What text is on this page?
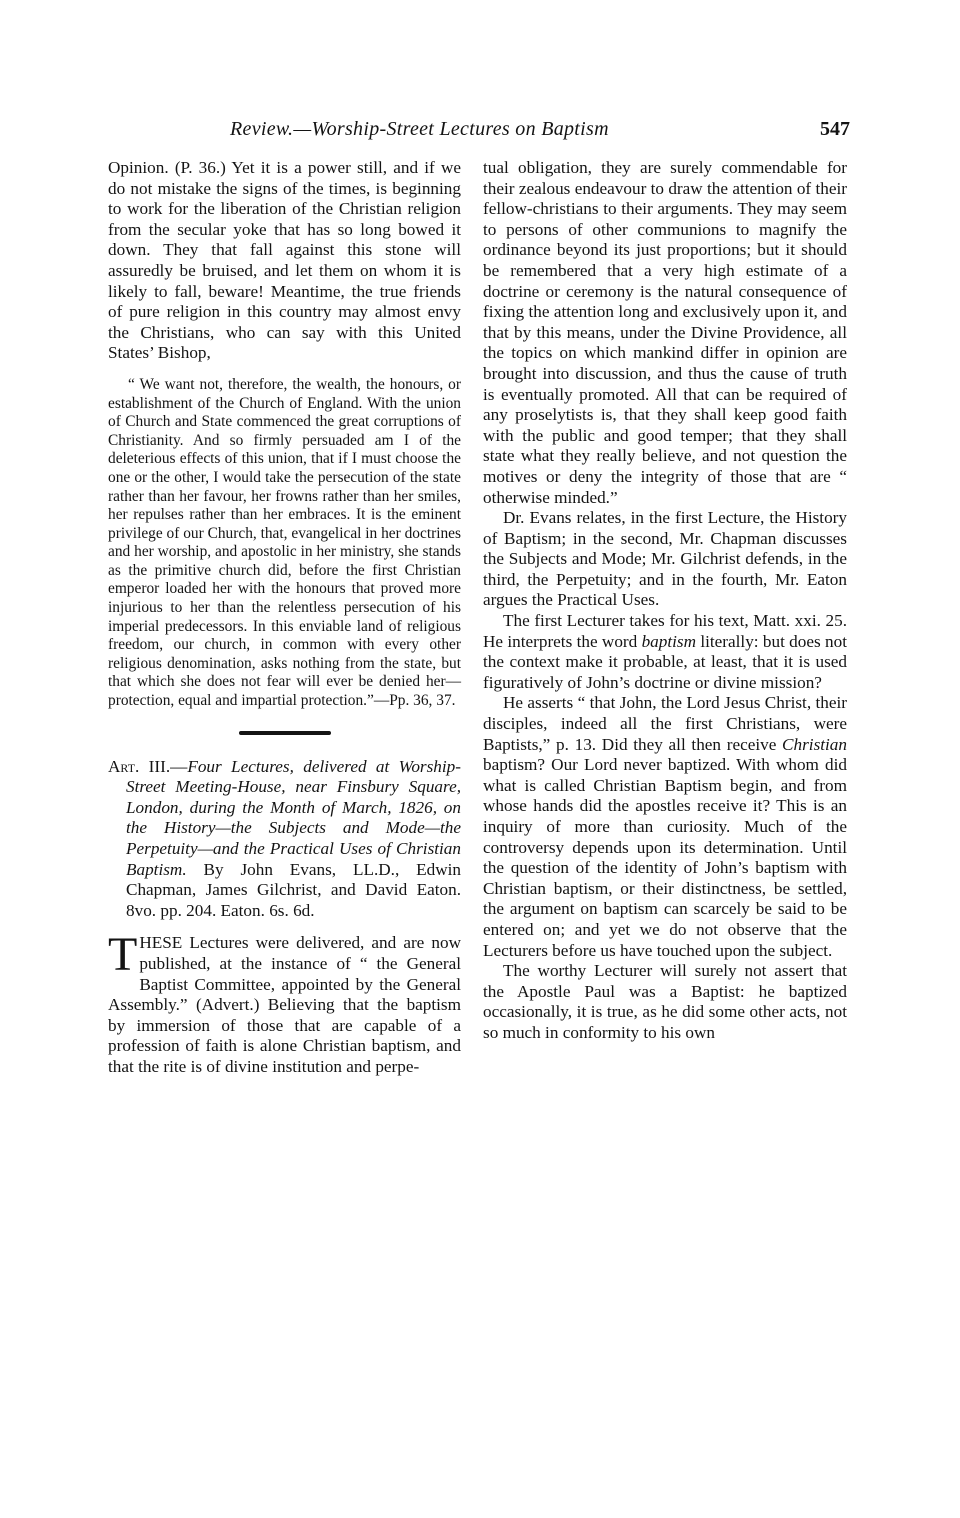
Review.—Worship-Street Lectures on Baptism	547

Opinion. (P. 36.) Yet it is a power still, and if we do not mistake the signs of the times, is beginning to work for the liberation of the Christian religion from the secular yoke that has so long bowed it down. They that fall against this stone will assuredly be bruised, and let them on whom it is likely to fall, beware! Meantime, the true friends of pure religion in this country may almost envy the Christians, who can say with this United States’ Bishop,

“ We want not, therefore, the wealth, the honours, or establishment of the Church of England. With the union of Church and State commenced the great corruptions of Christianity. And so firmly persuaded am I of the deleterious effects of this union, that if I must choose the one or the other, I would take the persecution of the state rather than her favour, her frowns rather than her smiles, her repulses rather than her embraces. It is the eminent privilege of our Church, that, evangelical in her doctrines and her worship, and apostolic in her ministry, she stands as the primitive church did, before the first Christian emperor loaded her with the honours that proved more injurious to her than the relentless persecution of his imperial predecessors. In this enviable land of religious freedom, our church, in common with every other religious denomination, asks nothing from the state, but that which she does not fear will ever be denied her—protection, equal and impartial protection.”—Pp. 36, 37.

Art. III.—Four Lectures, delivered at Worship-Street Meeting-House, near Finsbury Square, London, during the Month of March, 1826, on the History—the Subjects and Mode—the Perpetuity—and the Practical Uses of Christian Baptism. By John Evans, LL.D., Edwin Chapman, James Gilchrist, and David Eaton. 8vo. pp. 204. Eaton. 6s. 6d.

THESE Lectures were delivered, and are now published, at the instance of “ the General Baptist Committee, appointed by the General Assembly.” (Advert.) Believing that the baptism by immersion of those that are capable of a profession of faith is alone Christian baptism, and that the rite is of divine institution and perpe-

tual obligation, they are surely commendable for their zealous endeavour to draw the attention of their fellow-christians to their arguments. They may seem to persons of other communions to magnify the ordinance beyond its just proportions; but it should be remembered that a very high estimate of a doctrine or ceremony is the natural consequence of fixing the attention long and exclusively upon it, and that by this means, under the Divine Providence, all the topics on which mankind differ in opinion are brought into discussion, and thus the cause of truth is eventually promoted. All that can be required of any proselytists is, that they shall keep good faith with the public and good temper; that they shall state what they really believe, and not question the motives or deny the integrity of those that are “ otherwise minded.”

Dr. Evans relates, in the first Lecture, the History of Baptism; in the second, Mr. Chapman discusses the Subjects and Mode; Mr. Gilchrist defends, in the third, the Perpetuity; and in the fourth, Mr. Eaton argues the Practical Uses.

The first Lecturer takes for his text, Matt. xxi. 25. He interprets the word baptism literally: but does not the context make it probable, at least, that it is used figuratively of John’s doctrine or divine mission?

He asserts “ that John, the Lord Jesus Christ, their disciples, indeed all the first Christians, were Baptists,” p. 13. Did they all then receive Christian baptism? Our Lord never baptized. With whom did what is called Christian Baptism begin, and from whose hands did the apostles receive it? This is an inquiry of more than curiosity. Much of the controversy depends upon its determination. Until the question of the identity of John’s baptism with Christian baptism, or their distinctness, be settled, the argument on baptism can scarcely be said to be entered on; and yet we do not observe that the Lecturers before us have touched upon the subject.

The worthy Lecturer will surely not assert that the Apostle Paul was a Baptist: he baptized occasionally, it is true, as he did some other acts, not so much in conformity to his own
